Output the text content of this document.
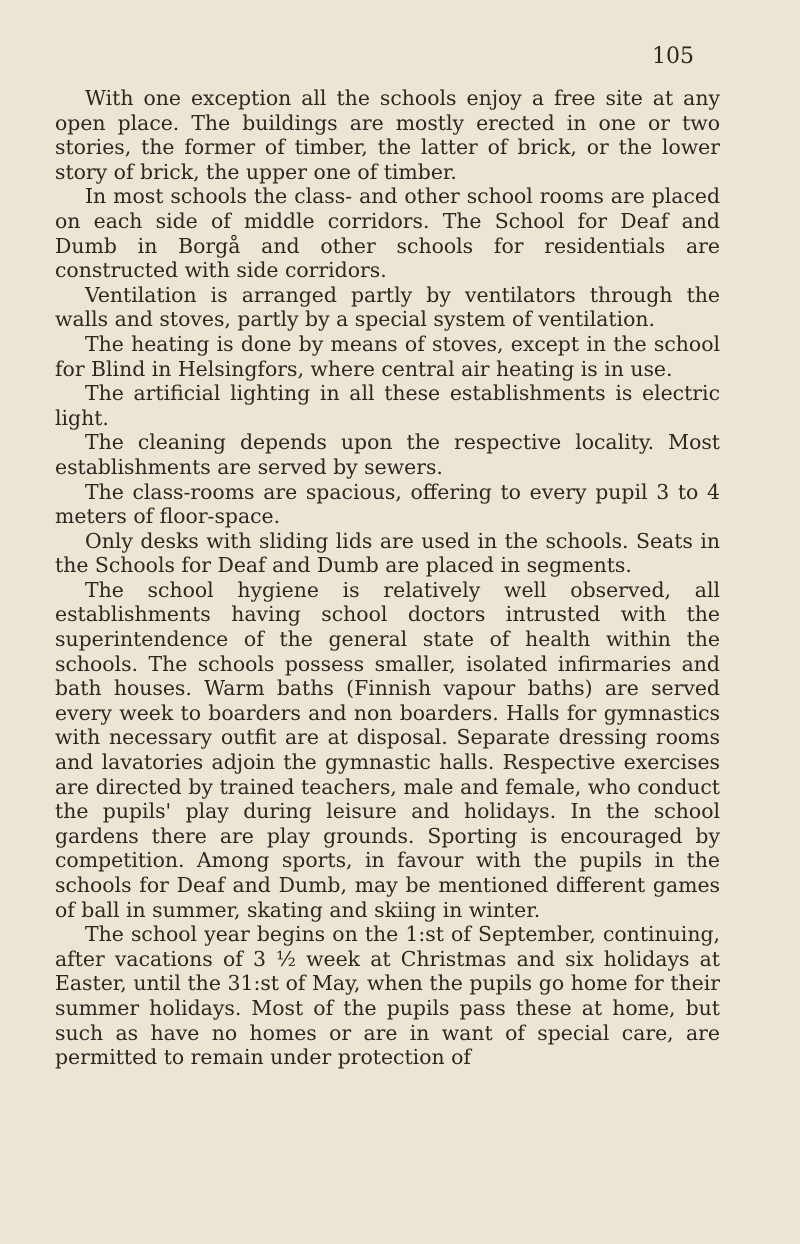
105

With one exception all the schools enjoy a free site at any open place. The buildings are mostly erected in one or two stories, the former of timber, the latter of brick, or the lower story of brick, the upper one of timber.

In most schools the class- and other school rooms are placed on each side of middle corridors. The School for Deaf and Dumb in Borgå and other schools for residentials are constructed with side corridors.

Ventilation is arranged partly by ventilators through the walls and stoves, partly by a special system of ventilation.

The heating is done by means of stoves, except in the school for Blind in Helsingfors, where central air heating is in use.

The artificial lighting in all these establishments is electric light.

The cleaning depends upon the respective locality. Most establishments are served by sewers.

The class-rooms are spacious, offering to every pupil 3 to 4 meters of floor-space.

Only desks with sliding lids are used in the schools. Seats in the Schools for Deaf and Dumb are placed in segments.

The school hygiene is relatively well observed, all establishments having school doctors intrusted with the superintendence of the general state of health within the schools. The schools possess smaller, isolated infirmaries and bath houses. Warm baths (Finnish vapour baths) are served every week to boarders and non boarders. Halls for gymnastics with necessary outfit are at disposal. Separate dressing rooms and lavatories adjoin the gymnastic halls. Respective exercises are directed by trained teachers, male and female, who conduct the pupils' play during leisure and holidays. In the school gardens there are play grounds. Sporting is encouraged by competition. Among sports, in favour with the pupils in the schools for Deaf and Dumb, may be mentioned different games of ball in summer, skating and skiing in winter.

The school year begins on the 1:st of September, continuing, after vacations of 3 ½ week at Christmas and six holidays at Easter, until the 31:st of May, when the pupils go home for their summer holidays. Most of the pupils pass these at home, but such as have no homes or are in want of special care, are permitted to remain under protection of
